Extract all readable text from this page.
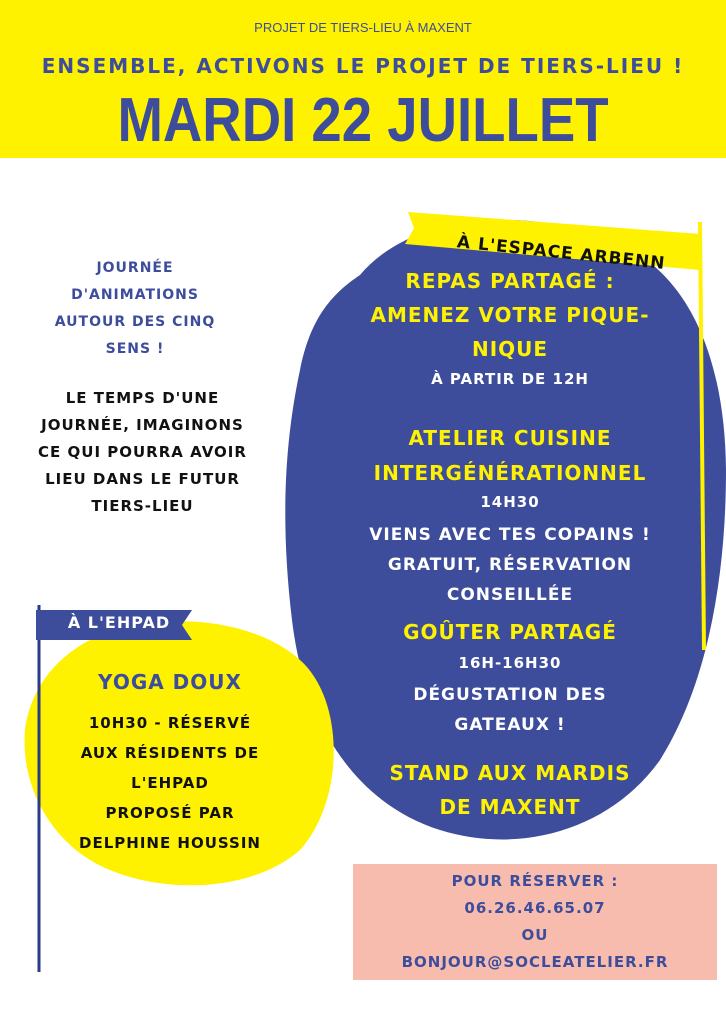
PROJET DE TIERS-LIEU À MAXENT
ENSEMBLE, ACTIVONS LE PROJET DE TIERS-LIEU !
MARDI 22 JUILLET
À L'ESPACE ARBENN
À L'EHPAD
JOURNÉE
D'ANIMATIONS
AUTOUR DES CINQ
SENS !
LE TEMPS D'UNE
JOURNÉE, IMAGINONS
CE QUI POURRA AVOIR
LIEU DANS LE FUTUR
TIERS-LIEU
REPAS PARTAGÉ :
AMENEZ VOTRE PIQUE-
NIQUE
À PARTIR DE 12H
ATELIER CUISINE
INTERGÉNÉRATIONNEL
14H30
VIENS AVEC TES COPAINS !
GRATUIT, RÉSERVATION
CONSEILLÉE
GOÛTER PARTAGÉ
16H-16H30
DÉGUSTATION DES
GATEAUX !
STAND AUX MARDIS
DE MAXENT
YOGA DOUX
10H30 - RÉSERVÉ
AUX RÉSIDENTS DE
L'EHPAD
PROPOSÉ PAR
DELPHINE HOUSSIN
POUR RÉSERVER :
06.26.46.65.07
OU
BONJOUR@SOCLEATELIER.FR
